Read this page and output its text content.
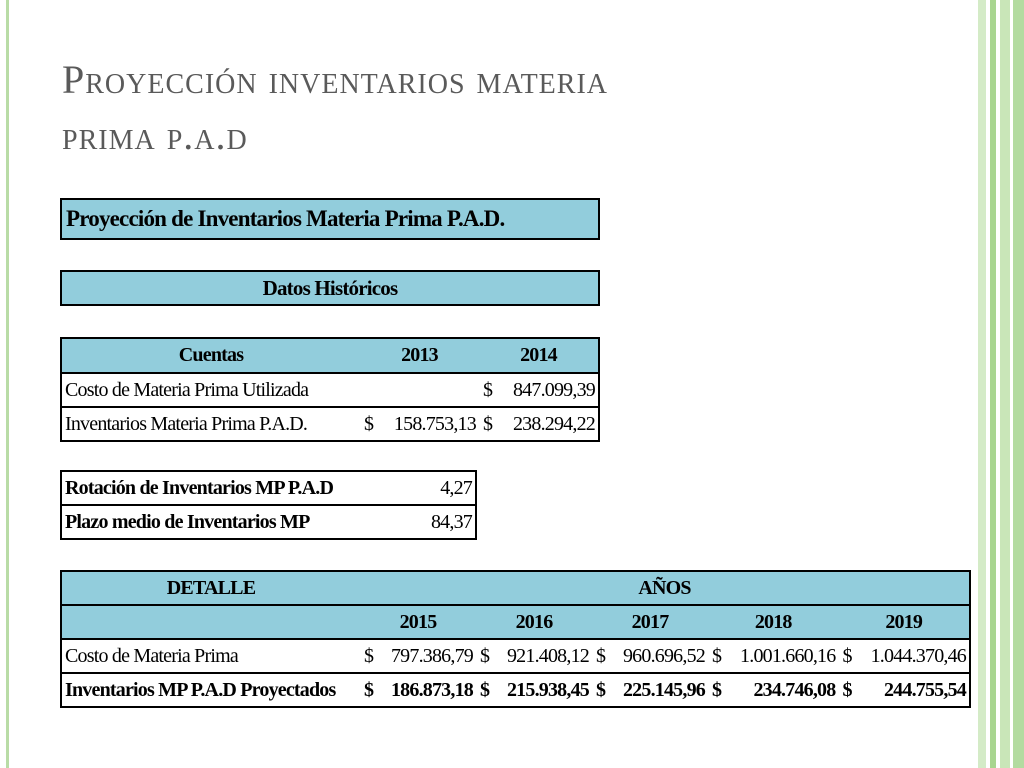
Proyección inventarios materia
prima p.a.d
Proyección de Inventarios Materia Prima P.A.D.
Datos Históricos
Cuentas	2013		2014	
Costo de Materia Prima Utilizada			$	847.099,39
Inventarios Materia Prima P.A.D.	$	158.753,13	$	238.294,22
Rotación de Inventarios MP P.A.D	4,27
Plazo medio de Inventarios MP	84,37
DETALLE	AÑOS									
	2015		2016		2017		2018		2019	
Costo de Materia Prima	$	797.386,79	$	921.408,12	$	960.696,52	$	1.001.660,16	$	1.044.370,46
Inventarios MP P.A.D Proyectados	$	186.873,18	$	215.938,45	$	225.145,96	$	234.746,08	$	244.755,54
